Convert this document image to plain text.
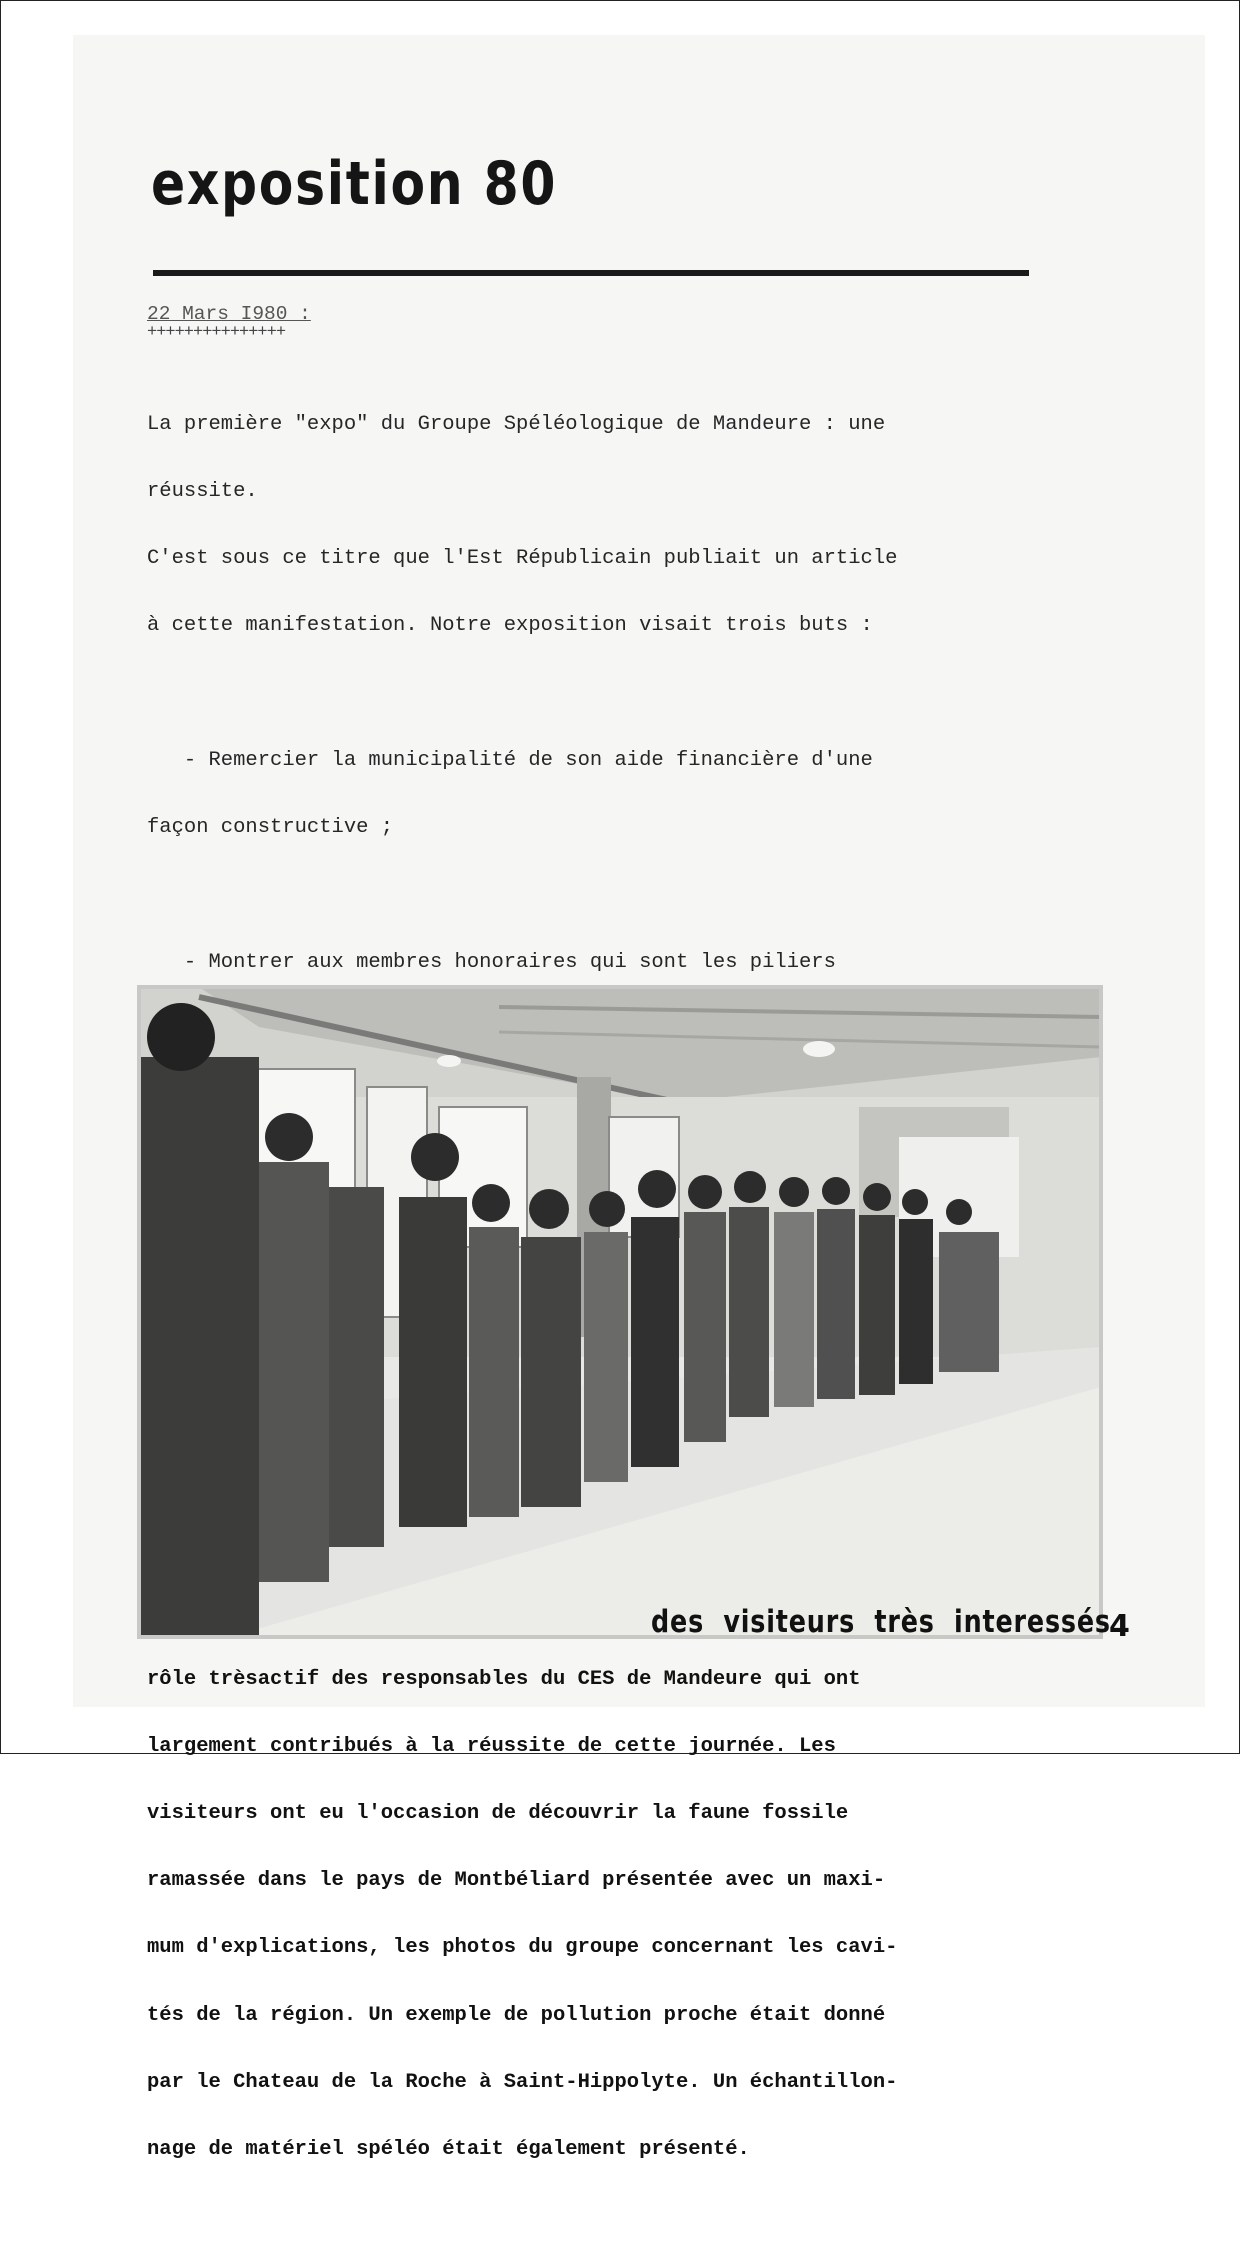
exposition 80
22 Mars I980 :
+++++++++++++++

La première "expo" du Groupe Spéléologique de Mandeure : une

réussite.

C'est sous ce titre que l'Est Républicain publiait un article

à cette manifestation. Notre exposition visait trois buts :

- Remercier la municipalité de son aide financière d'une

façon constructive ;

- Montrer aux membres honoraires qui sont les piliers

rôle trèsactif des responsables du CES de Mandeure qui ont

largement contribués à la réussite de cette journée. Les

visiteurs ont eu l'occasion de découvrir la faune fossile

ramassée dans le pays de Montbéliard présentée avec un maxi-

mum d'explications, les photos du groupe concernant les cavi-

tés de la région. Un exemple de pollution proche était donné

par le Chateau de la Roche à Saint-Hippolyte. Un échantillon-

nage de matériel spéléo était également présenté.

des  visiteurs  très  interessés
4
